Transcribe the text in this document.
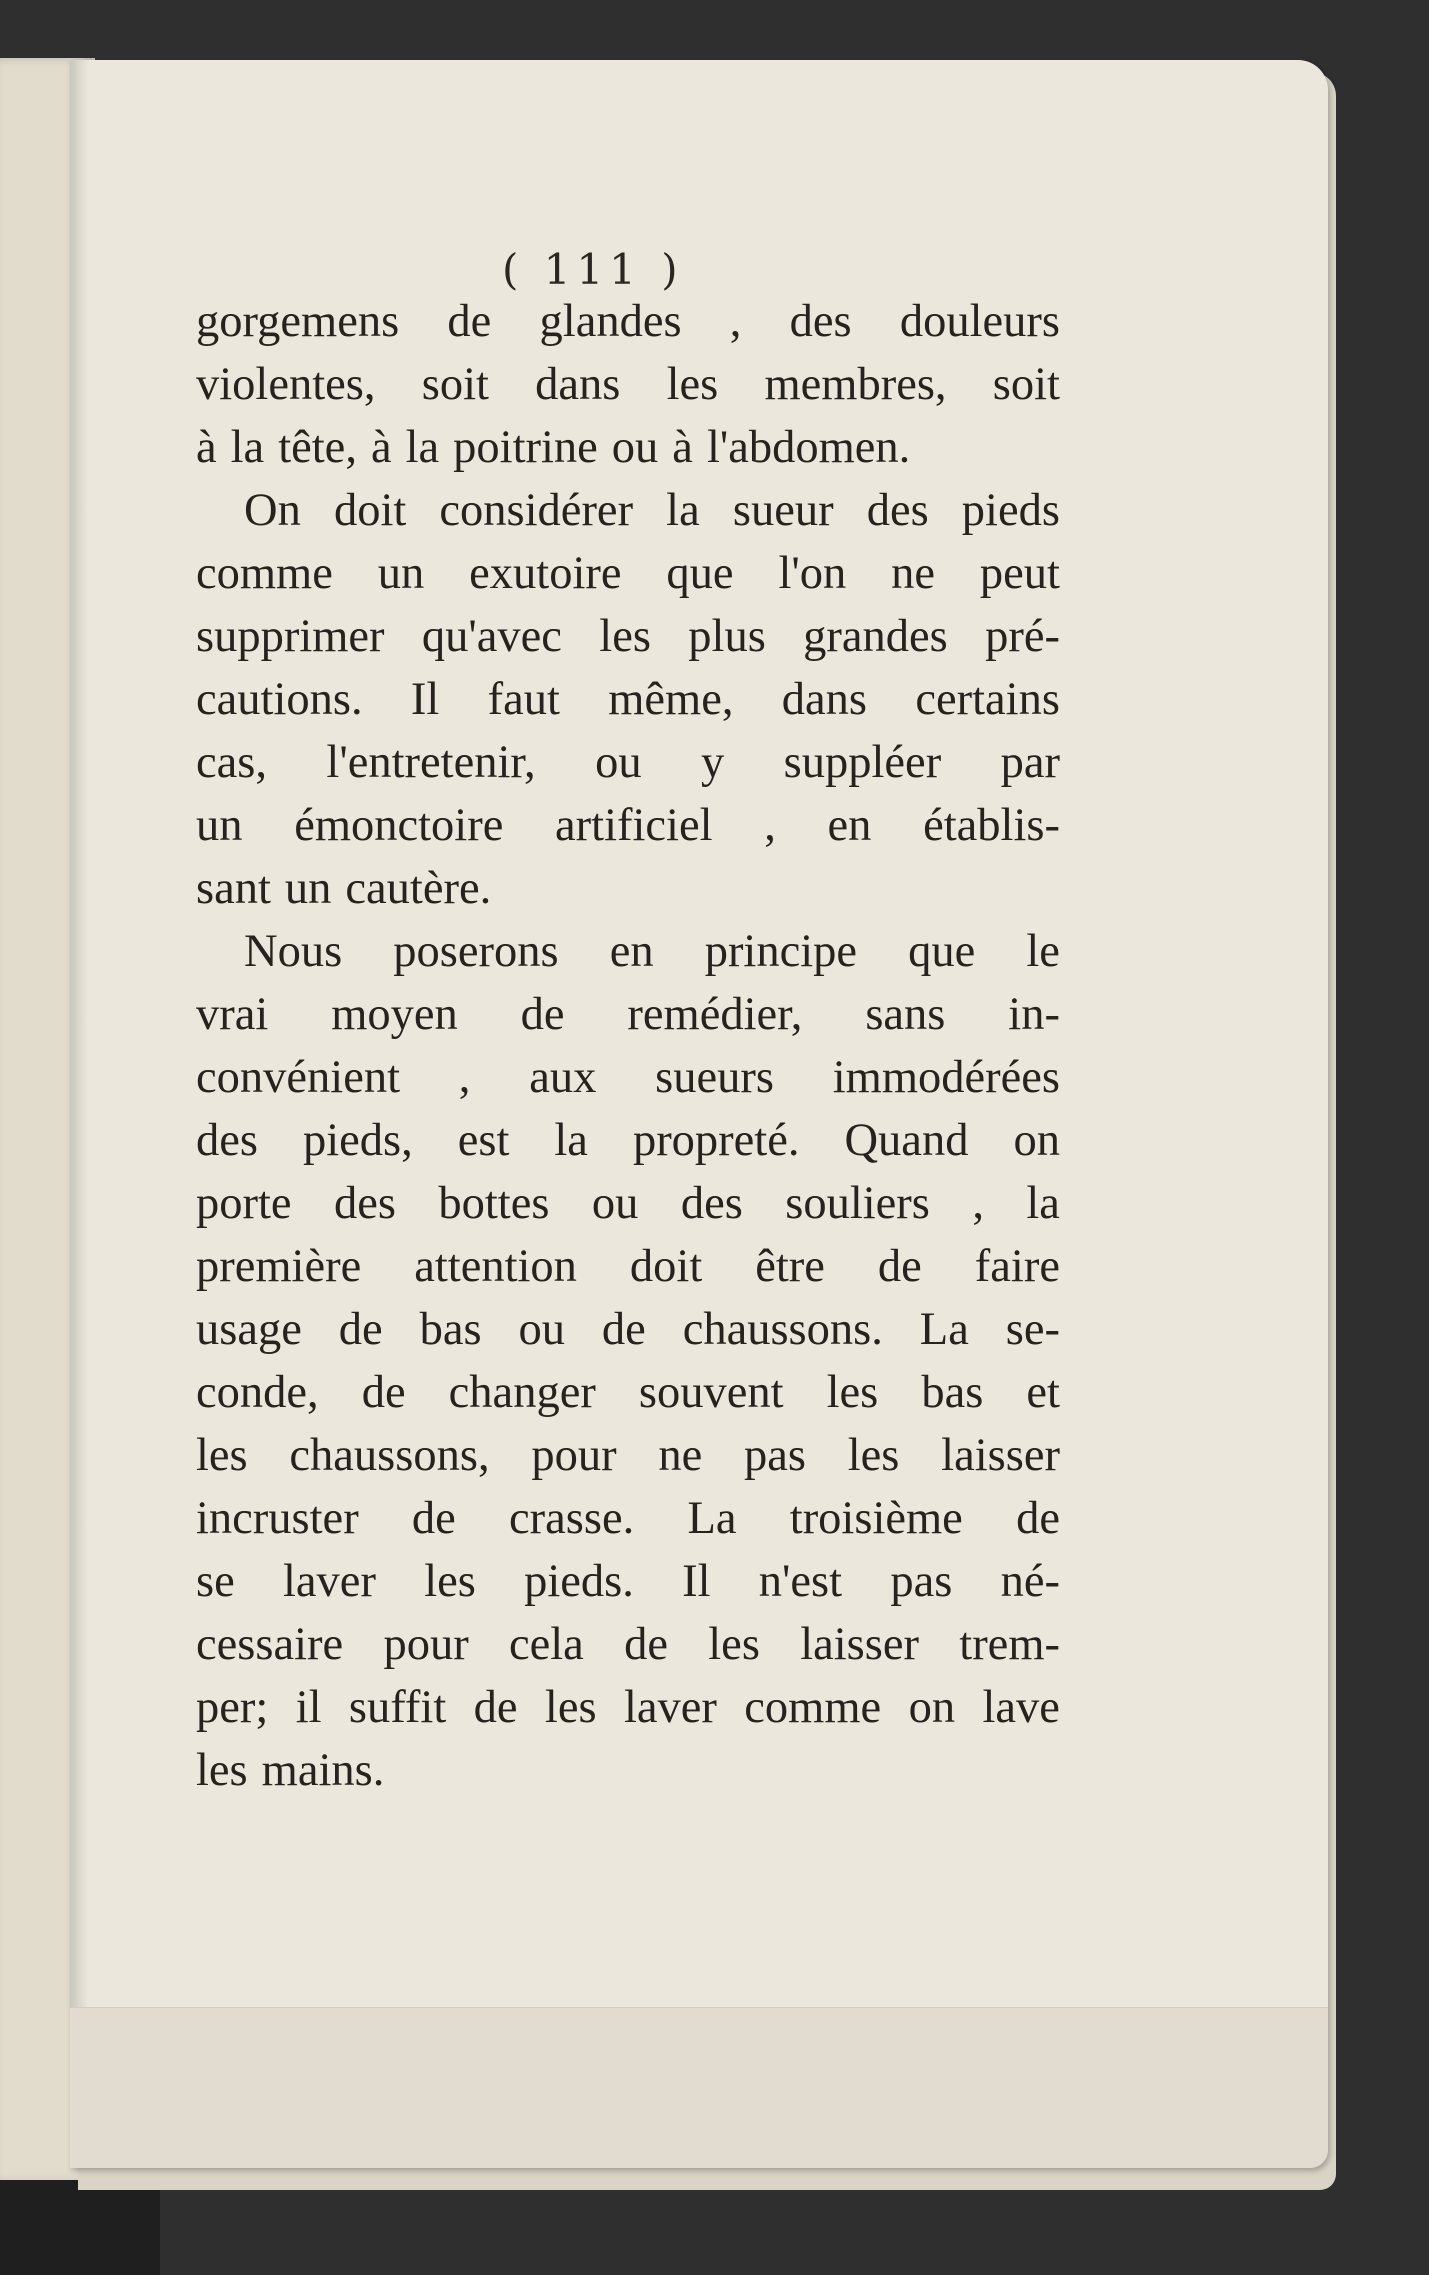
( 111 )
gorgemens de glandes , des douleurs
violentes, soit dans les membres, soit
à la tête, à la poitrine ou à l'abdomen.
On doit considérer la sueur des pieds
comme un exutoire que l'on ne peut
supprimer qu'avec les plus grandes pré-
cautions. Il faut même, dans certains
cas, l'entretenir, ou y suppléer par
un émonctoire artificiel , en établis-
sant un cautère.
Nous poserons en principe que le
vrai moyen de remédier, sans in-
convénient , aux sueurs immodérées
des pieds, est la propreté. Quand on
porte des bottes ou des souliers , la
première attention doit être de faire
usage de bas ou de chaussons. La se-
conde, de changer souvent les bas et
les chaussons, pour ne pas les laisser
incruster de crasse. La troisième de
se laver les pieds. Il n'est pas né-
cessaire pour cela de les laisser trem-
per; il suffit de les laver comme on lave
les mains.
